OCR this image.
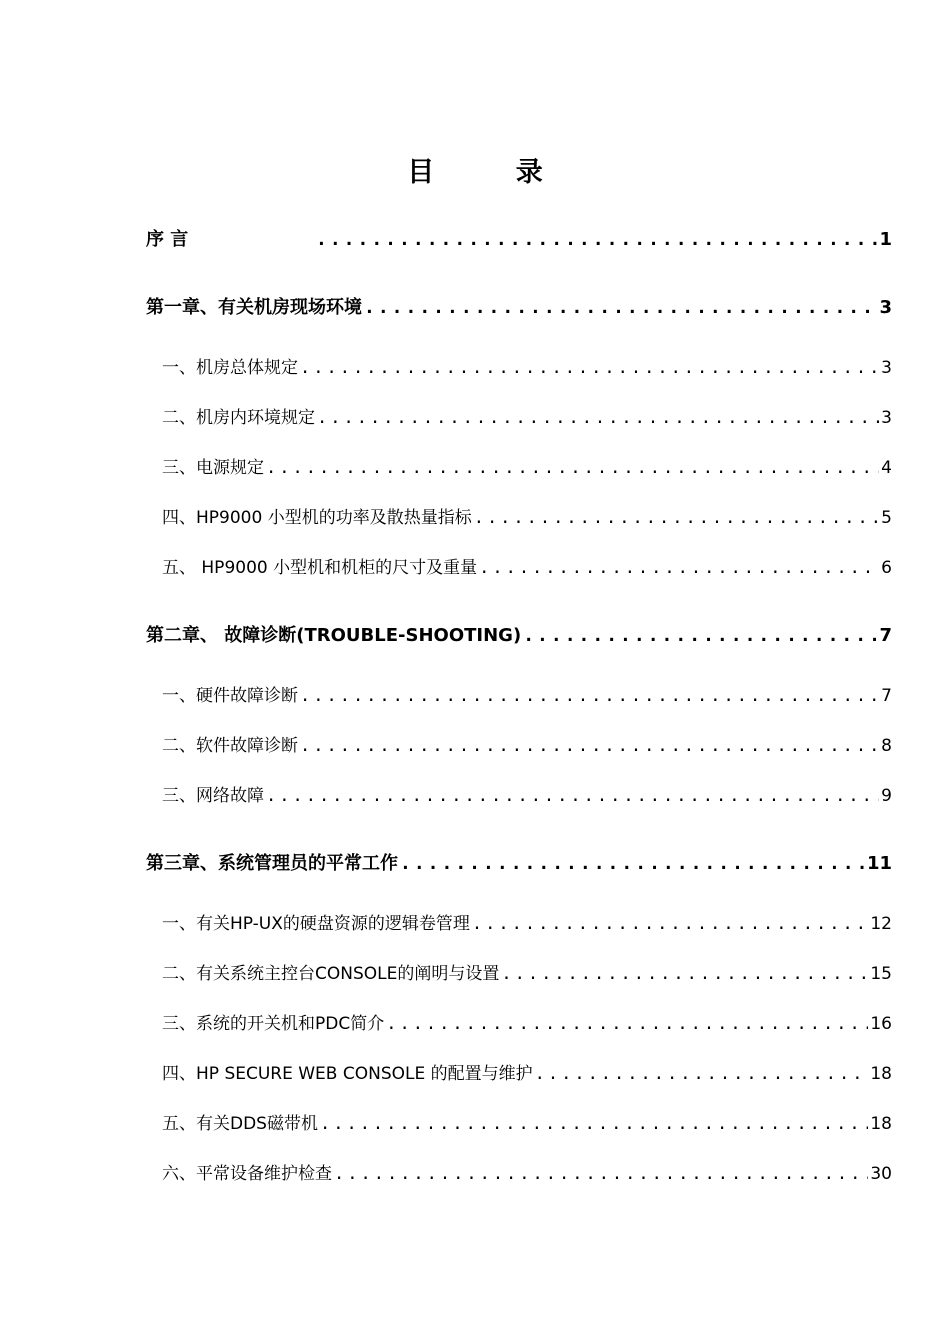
目 录
序 言 .....	1
第一章、有关机房现场环境 .....	3
一、机房总体规定 .....	3
二、机房内环境规定 .....	3
三、电源规定 .....	4
四、HP9000 小型机的功率及散热量指标 .....	5
五、 HP9000 小型机和机柜的尺寸及重量 .....	6
第二章、 故障诊断(TROUBLE-SHOOTING) .....	7
一、硬件故障诊断 .....	7
二、软件故障诊断 .....	8
三、网络故障 .....	9
第三章、系统管理员的平常工作 .....	11
一、有关HP-UX的硬盘资源的逻辑卷管理 .....	12
二、有关系统主控台CONSOLE的阐明与设置 .....	15
三、系统的开关机和PDC简介 .....	16
四、HP SECURE WEB CONSOLE 的配置与维护 .....	18
五、有关DDS磁带机 .....	18
六、平常设备维护检查 .....	30
